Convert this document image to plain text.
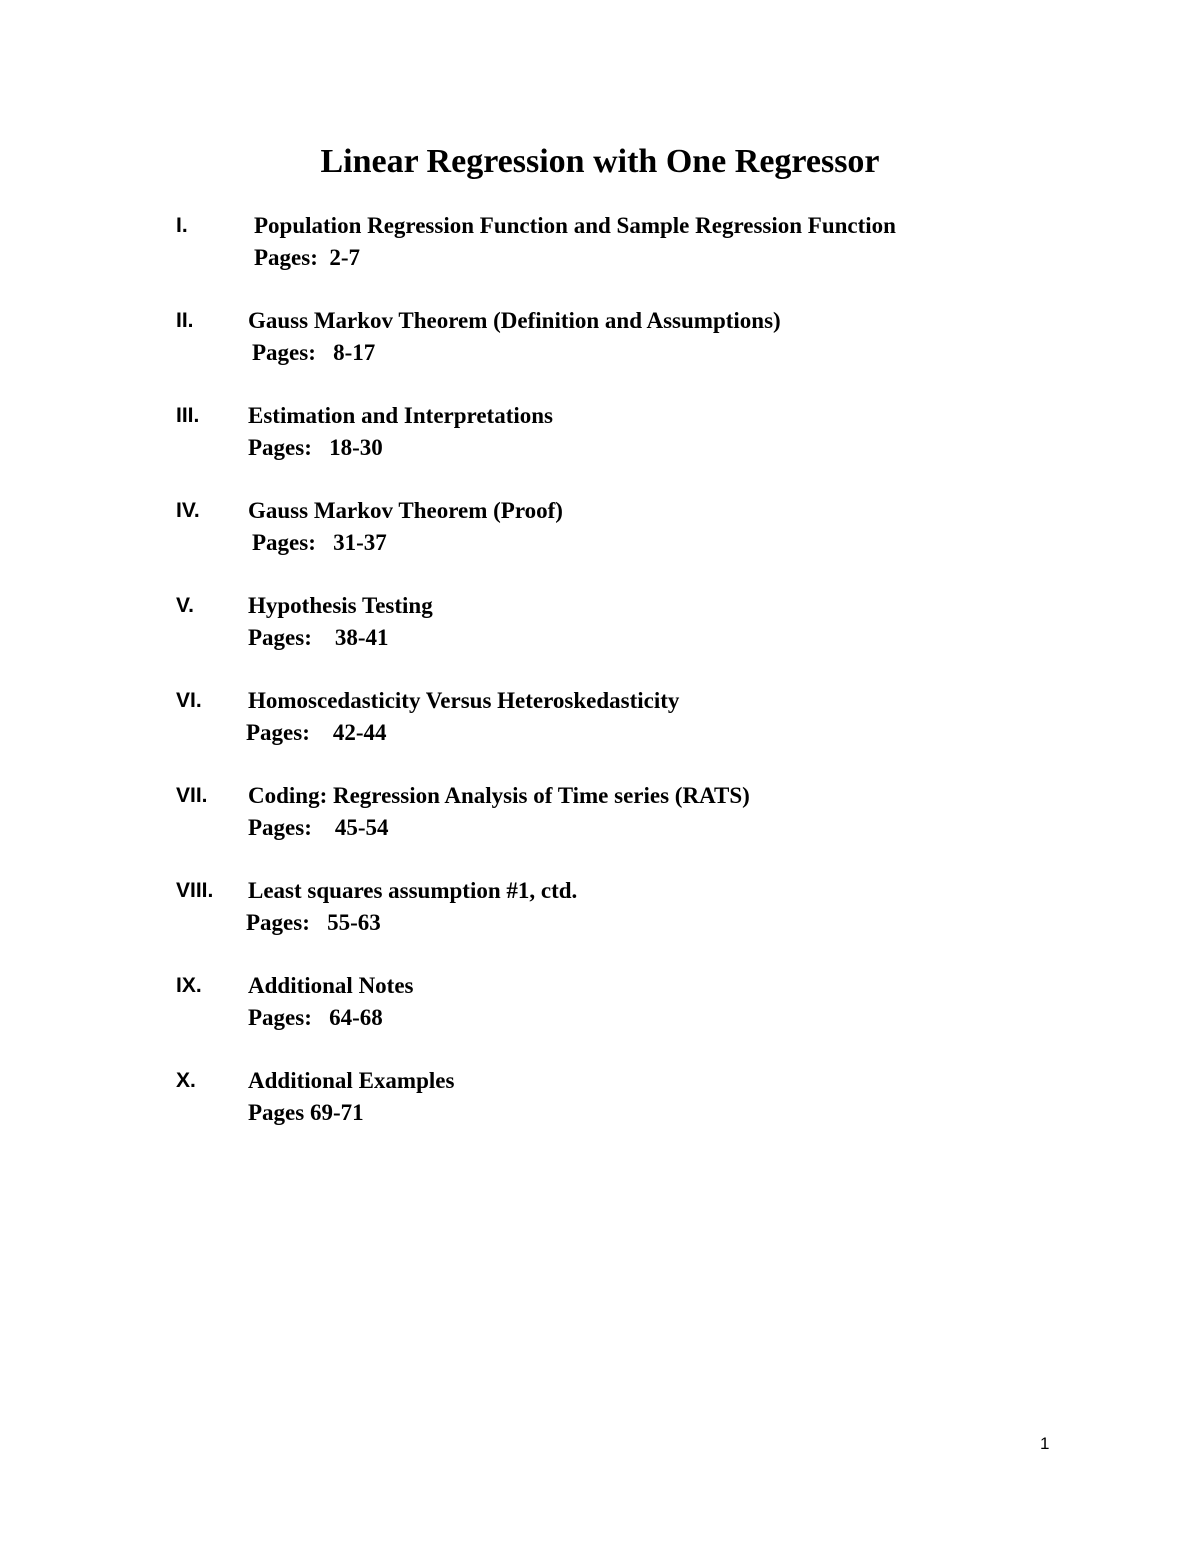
Linear Regression with One Regressor
I.	Population Regression Function and Sample Regression Function
Pages:  2-7
II. Gauss Markov Theorem (Definition and Assumptions)
Pages:   8-17
III. Estimation and Interpretations
Pages:   18-30
IV. Gauss Markov Theorem (Proof)
Pages:   31-37
V. Hypothesis Testing
Pages:    38-41
VI. Homoscedasticity Versus Heteroskedasticity
Pages:    42-44
VII. Coding: Regression Analysis of Time series (RATS)
Pages:    45-54
VIII. Least squares assumption #1, ctd.
Pages:   55-63
IX. Additional Notes
Pages:   64-68
X. Additional Examples
Pages 69-71
1
